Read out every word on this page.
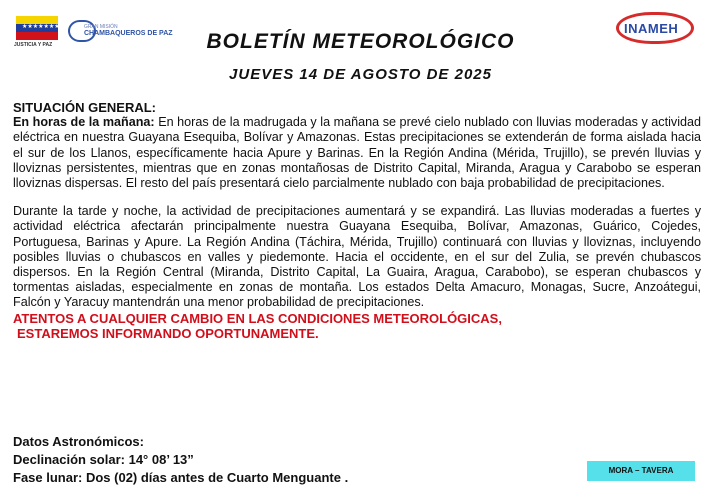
★★★★★★★★
JUSTICIA Y PAZ
GRAN MISIÓN
CHAMBAQUEROS DE PAZ	INAMEH
BOLETÍN METEOROLÓGICO
JUEVES 14 DE AGOSTO DE 2025
SITUACIÓN GENERAL:

En horas de la mañana: En horas de la madrugada y la mañana se prevé cielo nublado con lluvias moderadas y actividad eléctrica en nuestra Guayana Esequiba, Bolívar y Amazonas. Estas precipitaciones se extenderán de forma aislada hacia el sur de los Llanos, específicamente hacia Apure y Barinas. En la Región Andina (Mérida, Trujillo), se prevén lluvias y lloviznas persistentes, mientras que en zonas montañosas de Distrito Capital, Miranda, Aragua y Carabobo se esperan lloviznas dispersas. El resto del país presentará cielo parcialmente nublado con baja probabilidad de precipitaciones.

Durante la tarde y noche, la actividad de precipitaciones aumentará y se expandirá. Las lluvias moderadas a fuertes y actividad eléctrica afectarán principalmente nuestra Guayana Esequiba, Bolívar, Amazonas, Guárico, Cojedes, Portuguesa, Barinas y Apure. La Región Andina (Táchira, Mérida, Trujillo) continuará con lluvias y lloviznas, incluyendo posibles lluvias o chubascos en valles y piedemonte. Hacia el occidente, en el sur del Zulia, se prevén chubascos dispersos. En la Región Central (Miranda, Distrito Capital, La Guaira, Aragua, Carabobo), se esperan chubascos y tormentas aisladas, especialmente en zonas de montaña. Los estados Delta Amacuro, Monagas, Sucre, Anzoátegui, Falcón y Yaracuy mantendrán una menor probabilidad de precipitaciones.

ATENTOS A CUALQUIER CAMBIO EN LAS CONDICIONES METEOROLÓGICAS,
ESTAREMOS INFORMANDO OPORTUNAMENTE.
Datos Astronómicos:
Declinación solar: 14° 08’ 13”
Fase lunar: Dos (02) días antes de Cuarto Menguante .	MORA – TAVERA
